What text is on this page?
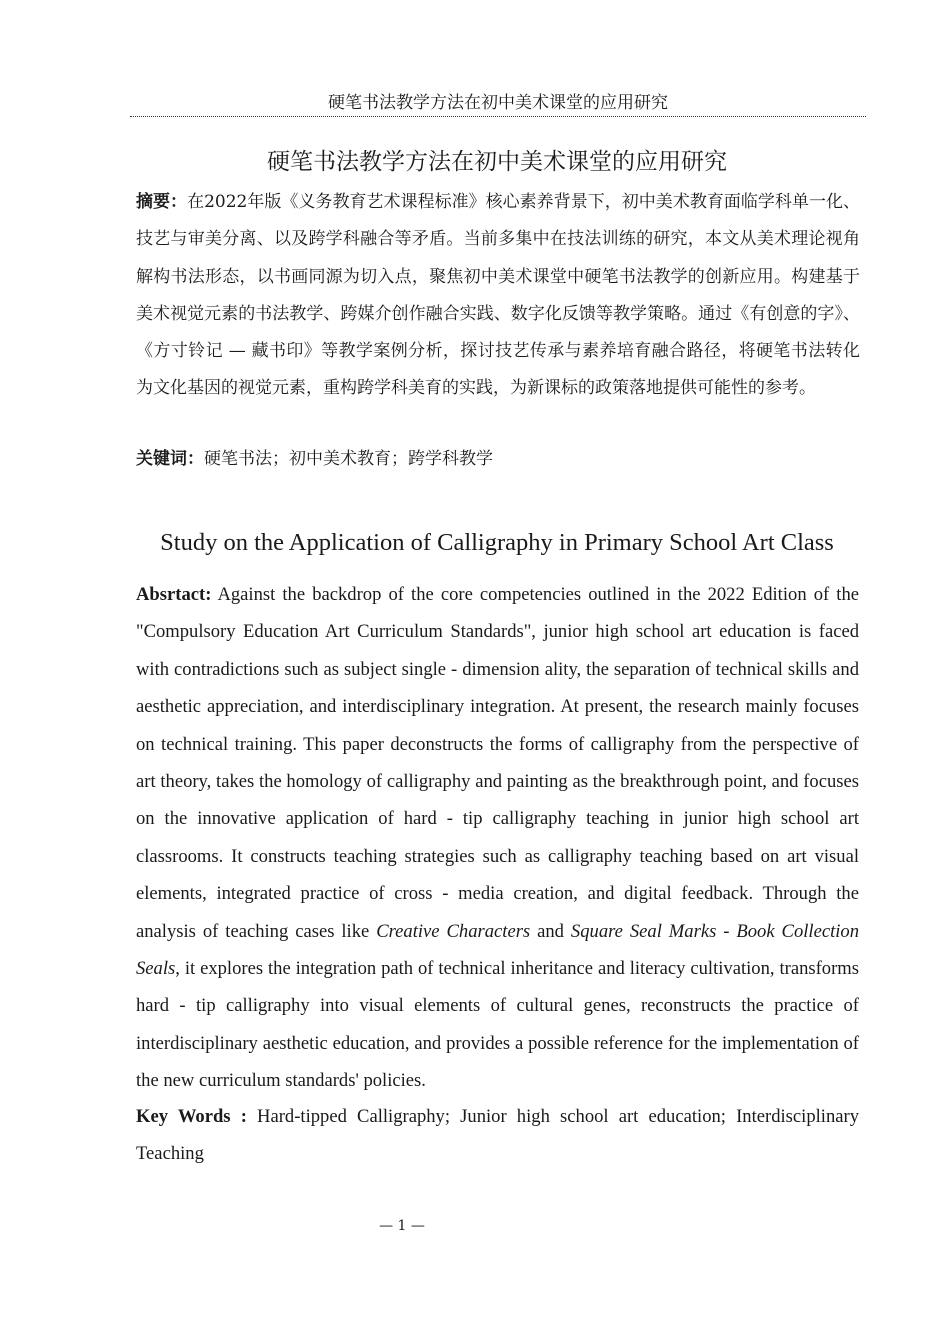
硬笔书法教学方法在初中美术课堂的应用研究
硬笔书法教学方法在初中美术课堂的应用研究
摘要：在2022年版《义务教育艺术课程标准》核心素养背景下，初中美术教育面临学科单一化、技艺与审美分离、以及跨学科融合等矛盾。当前多集中在技法训练的研究，本文从美术理论视角解构书法形态，以书画同源为切入点，聚焦初中美术课堂中硬笔书法教学的创新应用。构建基于美术视觉元素的书法教学、跨媒介创作融合实践、数字化反馈等教学策略。通过《有创意的字》、《方寸铃记 — 藏书印》等教学案例分析，探讨技艺传承与素养培育融合路径，将硬笔书法转化为文化基因的视觉元素，重构跨学科美育的实践，为新课标的政策落地提供可能性的参考。
关键词：硬笔书法；初中美术教育；跨学科教学
Study on the Application of Calligraphy in Primary School Art Class
Absrtact: Against the backdrop of the core competencies outlined in the 2022 Edition of the "Compulsory Education Art Curriculum Standards", junior high school art education is faced with contradictions such as subject single - dimension ality, the separation of technical skills and aesthetic appreciation, and interdisciplinary integration. At present, the research mainly focuses on technical training. This paper deconstructs the forms of calligraphy from the perspective of art theory, takes the homology of calligraphy and painting as the breakthrough point, and focuses on the innovative application of hard - tip calligraphy teaching in junior high school art classrooms. It constructs teaching strategies such as calligraphy teaching based on art visual elements, integrated practice of cross - media creation, and digital feedback. Through the analysis of teaching cases like Creative Characters and Square Seal Marks - Book Collection Seals, it explores the integration path of technical inheritance and literacy cultivation, transforms hard - tip calligraphy into visual elements of cultural genes, reconstructs the practice of interdisciplinary aesthetic education, and provides a possible reference for the implementation of the new curriculum standards' policies.
Key Words : Hard-tipped Calligraphy; Junior high school art education; Interdisciplinary Teaching
— 1 —
